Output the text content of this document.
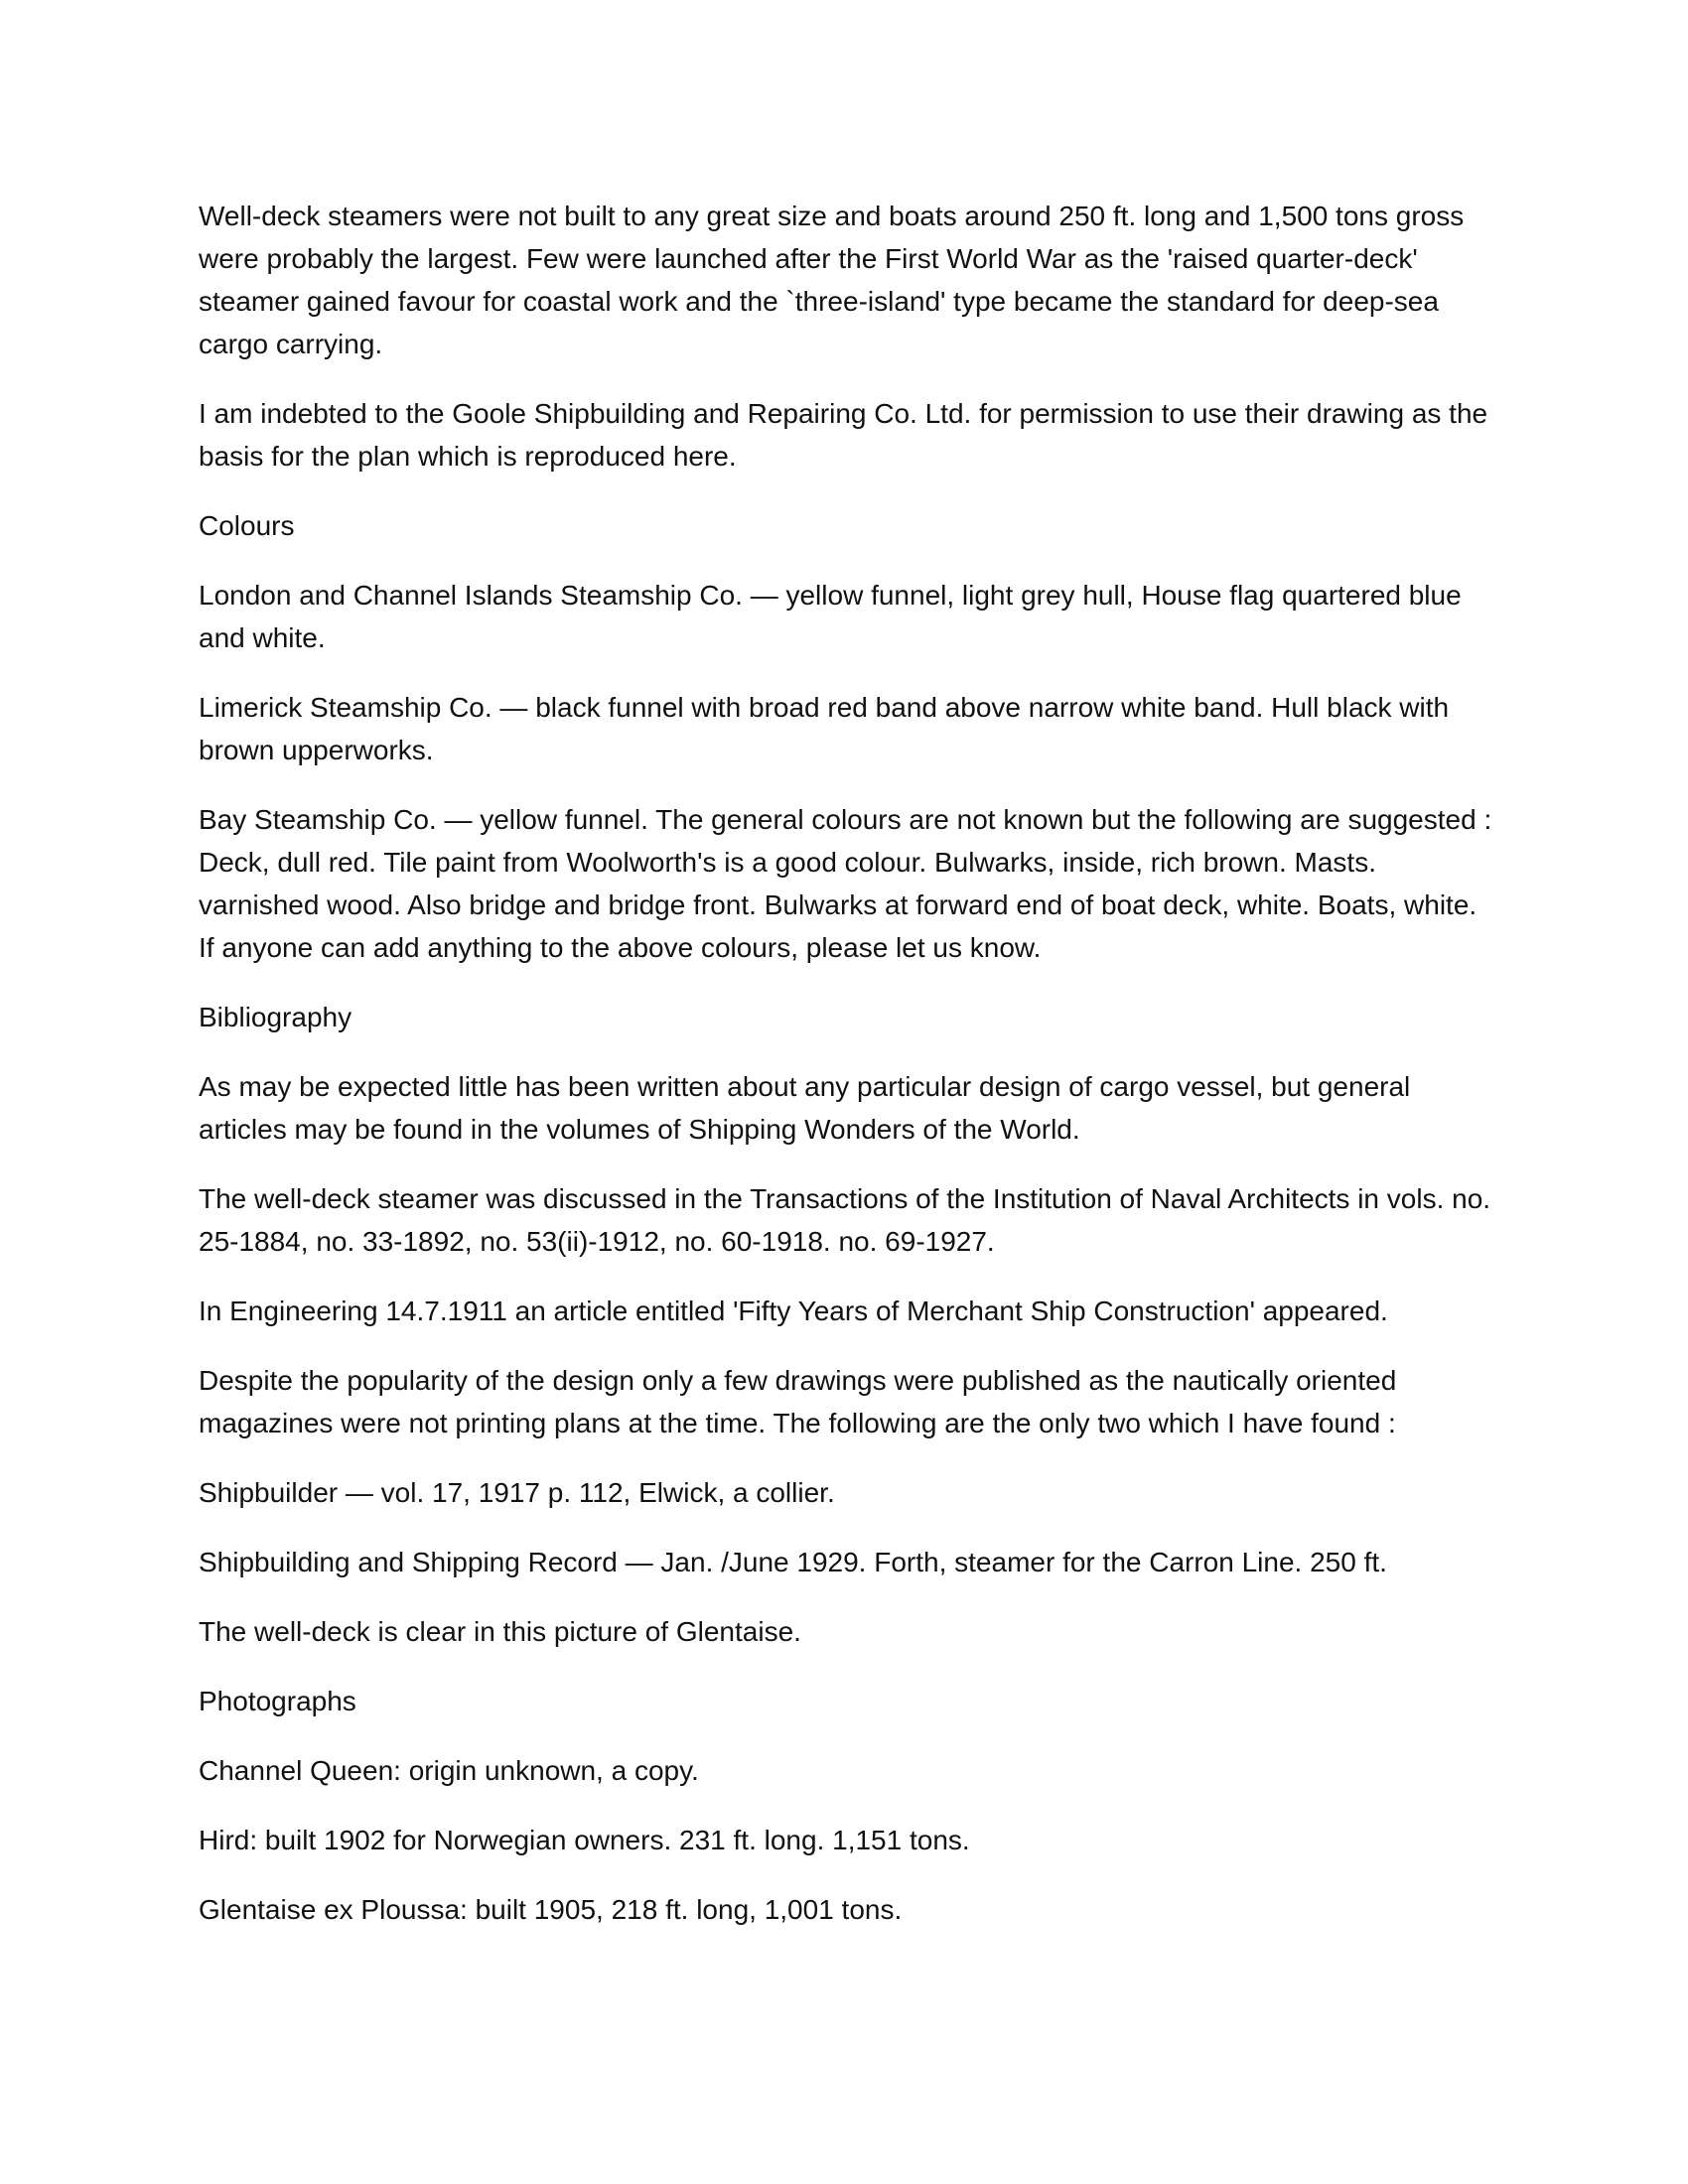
Well-deck steamers were not built to any great size and boats around 250 ft. long and 1,500 tons gross were probably the largest. Few were launched after the First World War as the 'raised quarter-deck' steamer gained favour for coastal work and the `three-island' type became the standard for deep-sea cargo carrying.

I am indebted to the Goole Shipbuilding and Repairing Co. Ltd. for permission to use their drawing as the basis for the plan which is reproduced here.

Colours

London and Channel Islands Steamship Co. — yellow funnel, light grey hull, House flag quartered blue and white.

Limerick Steamship Co. — black funnel with broad red band above narrow white band. Hull black with brown upperworks.

Bay Steamship Co. — yellow funnel. The general colours are not known but the following are suggested : Deck, dull red. Tile paint from Woolworth's is a good colour. Bulwarks, inside, rich brown. Masts. varnished wood. Also bridge and bridge front. Bulwarks at forward end of boat deck, white. Boats, white. If anyone can add anything to the above colours, please let us know.

Bibliography

As may be expected little has been written about any particular design of cargo vessel, but general articles may be found in the volumes of Shipping Wonders of the World.

The well-deck steamer was discussed in the Transactions of the Institution of Naval Architects in vols. no. 25-1884, no. 33-1892, no. 53(ii)-1912, no. 60-1918. no. 69-1927.

In Engineering 14.7.1911 an article entitled 'Fifty Years of Merchant Ship Construction' appeared.

Despite the popularity of the design only a few drawings were published as the nautically oriented magazines were not printing plans at the time. The following are the only two which I have found :

Shipbuilder — vol. 17, 1917 p. 112, Elwick, a collier.

Shipbuilding and Shipping Record — Jan. /June 1929. Forth, steamer for the Carron Line. 250 ft.

The well-deck is clear in this picture of Glentaise.

Photographs

Channel Queen: origin unknown, a copy.

Hird: built 1902 for Norwegian owners. 231 ft. long. 1,151 tons.

Glentaise ex Ploussa: built 1905, 218 ft. long, 1,001 tons.
